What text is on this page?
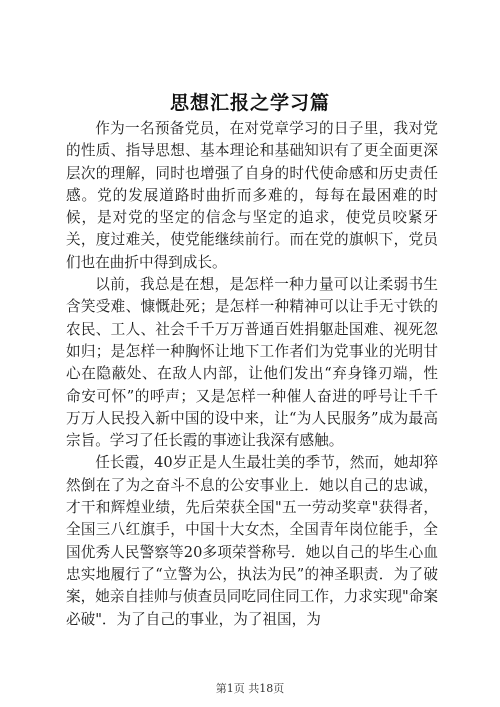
思想汇报之学习篇

作为一名预备党员，在对党章学习的日子里，我对党的性质、指导思想、基本理论和基础知识有了更全面更深层次的理解，同时也增强了自身的时代使命感和历史责任感。党的发展道路时曲折而多难的，每每在最困难的时候，是对党的坚定的信念与坚定的追求，使党员咬紧牙关，度过难关，使党能继续前行。而在党的旗帜下，党员们也在曲折中得到成长。

以前，我总是在想，是怎样一种力量可以让柔弱书生含笑受难、慷慨赴死；是怎样一种精神可以让手无寸铁的农民、工人、社会千千万万普通百姓捐躯赴国难、视死忽如归；是怎样一种胸怀让地下工作者们为党事业的光明甘心在隐蔽处、在敌人内部，让他们发出“弃身锋刃端，性命安可怀”的呼声；又是怎样一种催人奋进的呼号让千千万万人民投入新中国的设中来，让“为人民服务”成为最高宗旨。学习了任长霞的事迹让我深有感触。

任长霞，40岁正是人生最壮美的季节，然而，她却猝然倒在了为之奋斗不息的公安事业上．她以自己的忠诚，才干和辉煌业绩，先后荣获全国"五一劳动奖章"获得者，全国三八红旗手，中国十大女杰，全国青年岗位能手，全国优秀人民警察等20多项荣誉称号．她以自己的毕生心血忠实地履行了“立警为公，执法为民”的神圣职责．为了破案，她亲自挂帅与侦查员同吃同住同工作，力求实现"命案必破"．为了自己的事业，为了祖国，为

第1页 共18页
